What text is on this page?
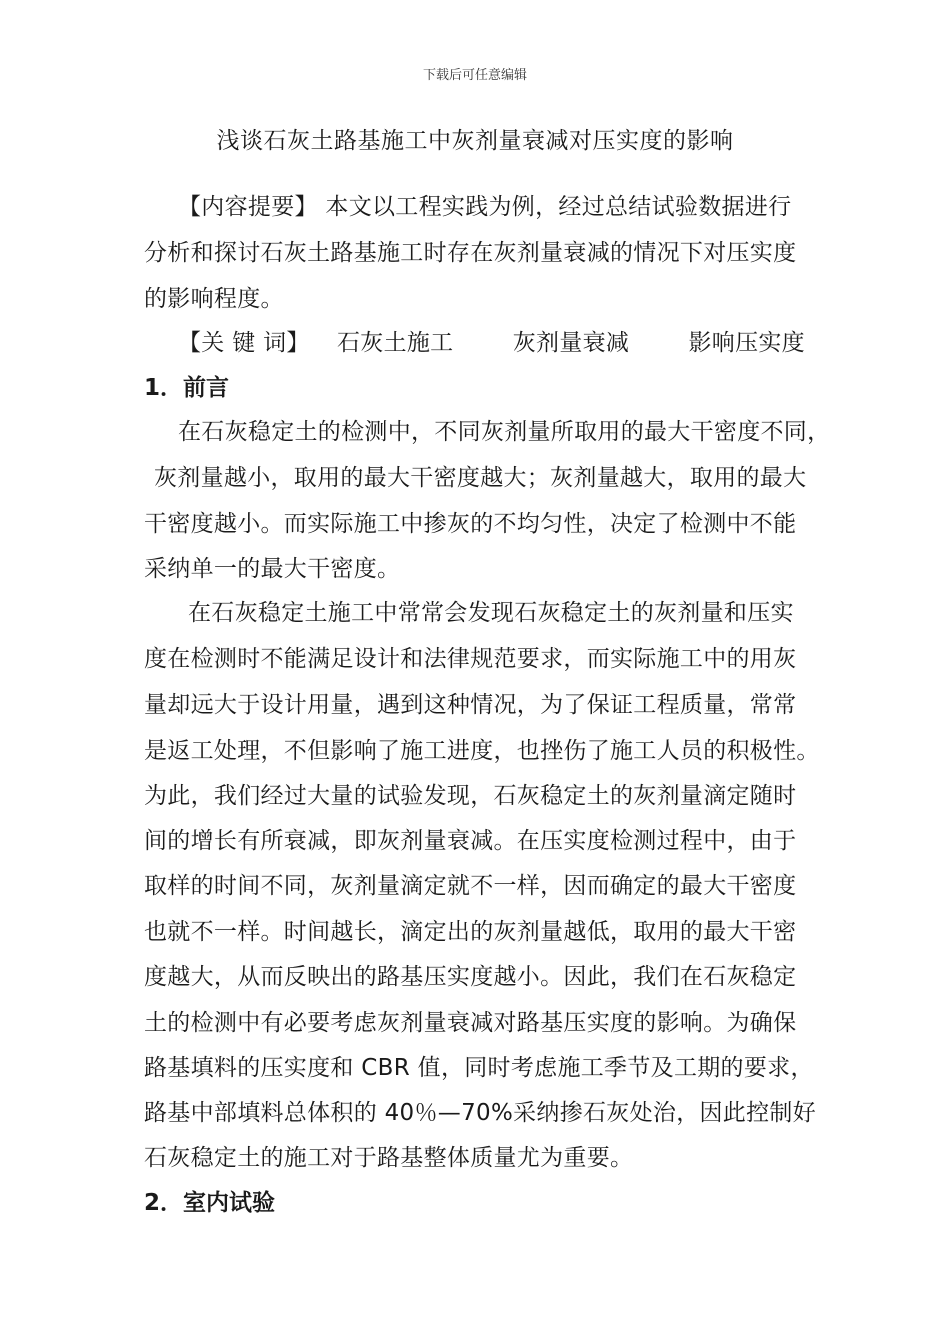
下载后可任意编辑
浅谈石灰土路基施工中灰剂量衰减对压实度的影响
【内容提要】 本文以工程实践为例，经过总结试验数据进行
分析和探讨石灰土路基施工时存在灰剂量衰减的情况下对压实度
的影响程度。
【关 键 词】 石灰土施工	灰剂量衰减	影响压实度
1．前言
在石灰稳定土的检测中，不同灰剂量所取用的最大干密度不同，
灰剂量越小，取用的最大干密度越大；灰剂量越大，取用的最大
干密度越小。而实际施工中掺灰的不均匀性，决定了检测中不能
采纳单一的最大干密度。
在石灰稳定土施工中常常会发现石灰稳定土的灰剂量和压实
度在检测时不能满足设计和法律规范要求，而实际施工中的用灰
量却远大于设计用量，遇到这种情况，为了保证工程质量，常常
是返工处理，不但影响了施工进度，也挫伤了施工人员的积极性。
为此，我们经过大量的试验发现，石灰稳定土的灰剂量滴定随时
间的增长有所衰减，即灰剂量衰减。在压实度检测过程中，由于
取样的时间不同，灰剂量滴定就不一样，因而确定的最大干密度
也就不一样。时间越长，滴定出的灰剂量越低，取用的最大干密
度越大，从而反映出的路基压实度越小。因此，我们在石灰稳定
土的检测中有必要考虑灰剂量衰减对路基压实度的影响。为确保
路基填料的压实度和 CBR 值，同时考虑施工季节及工期的要求，
路基中部填料总体积的 40％—70%采纳掺石灰处治，因此控制好
石灰稳定土的施工对于路基整体质量尤为重要。
2．室内试验
